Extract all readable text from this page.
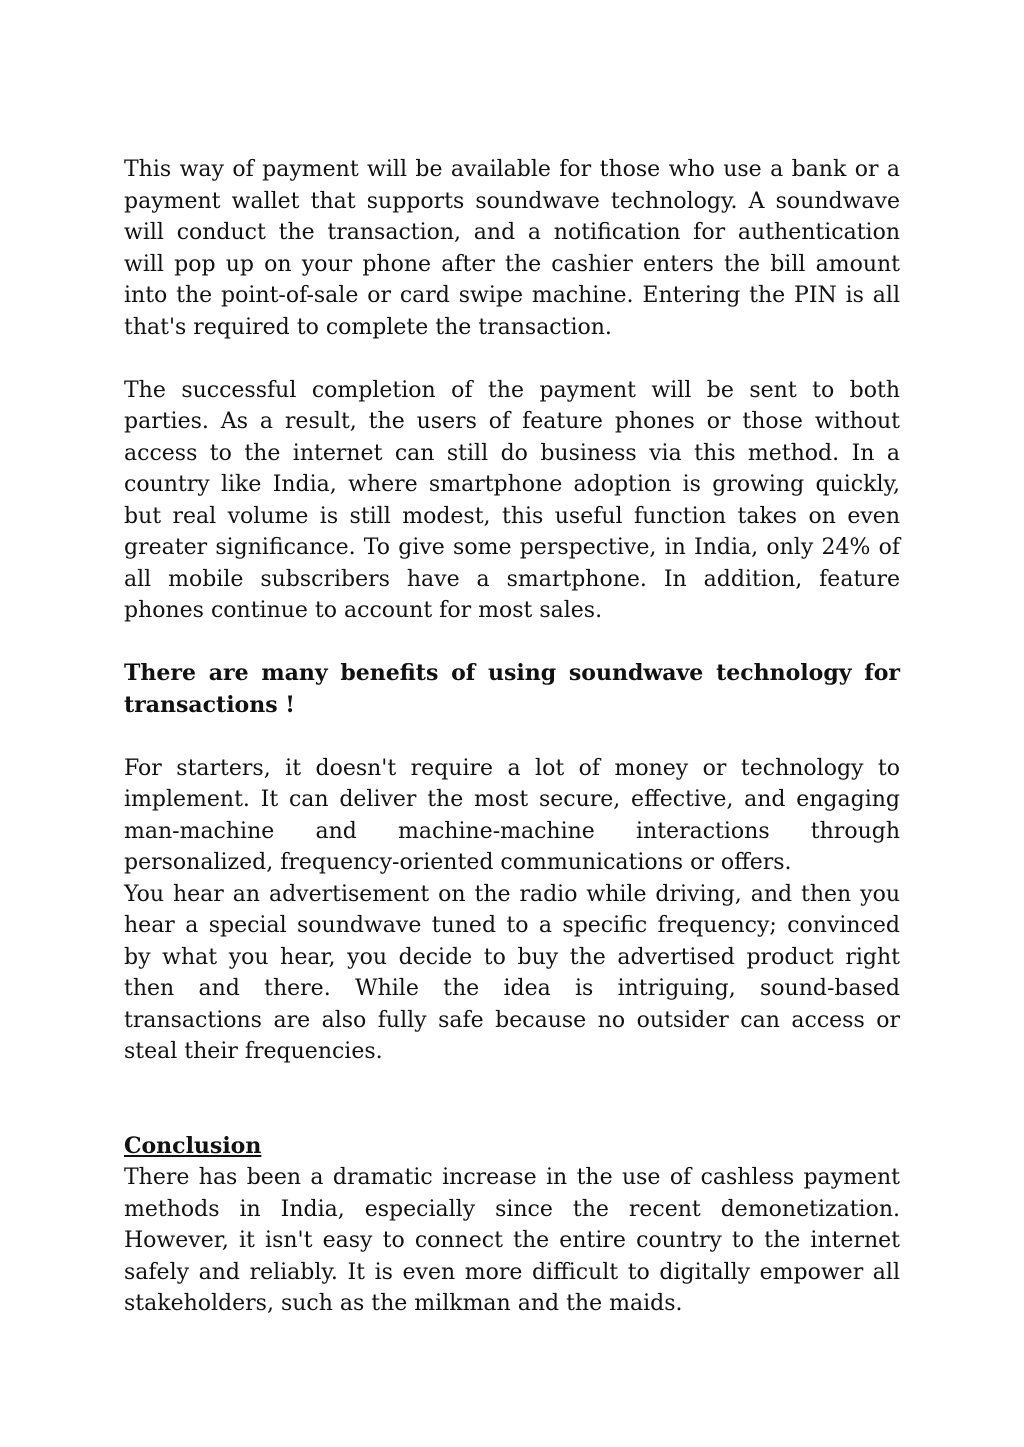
This way of payment will be available for those who use a bank or a payment wallet that supports soundwave technology. A soundwave will conduct the transaction, and a notification for authentication will pop up on your phone after the cashier enters the bill amount into the point-of-sale or card swipe machine. Entering the PIN is all that's required to complete the transaction.

The successful completion of the payment will be sent to both parties. As a result, the users of feature phones or those without access to the internet can still do business via this method. In a country like India, where smartphone adoption is growing quickly, but real volume is still modest, this useful function takes on even greater significance. To give some perspective, in India, only 24% of all mobile subscribers have a smartphone. In addition, feature phones continue to account for most sales.

There are many benefits of using soundwave technology for transactions !

For starters, it doesn't require a lot of money or technology to implement. It can deliver the most secure, effective, and engaging man-machine and machine-machine interactions through personalized, frequency-oriented communications or offers.

You hear an advertisement on the radio while driving, and then you hear a special soundwave tuned to a specific frequency; convinced by what you hear, you decide to buy the advertised product right then and there. While the idea is intriguing, sound-based transactions are also fully safe because no outsider can access or steal their frequencies.

Conclusion

There has been a dramatic increase in the use of cashless payment methods in India, especially since the recent demonetization. However, it isn't easy to connect the entire country to the internet safely and reliably. It is even more difficult to digitally empower all stakeholders, such as the milkman and the maids.
